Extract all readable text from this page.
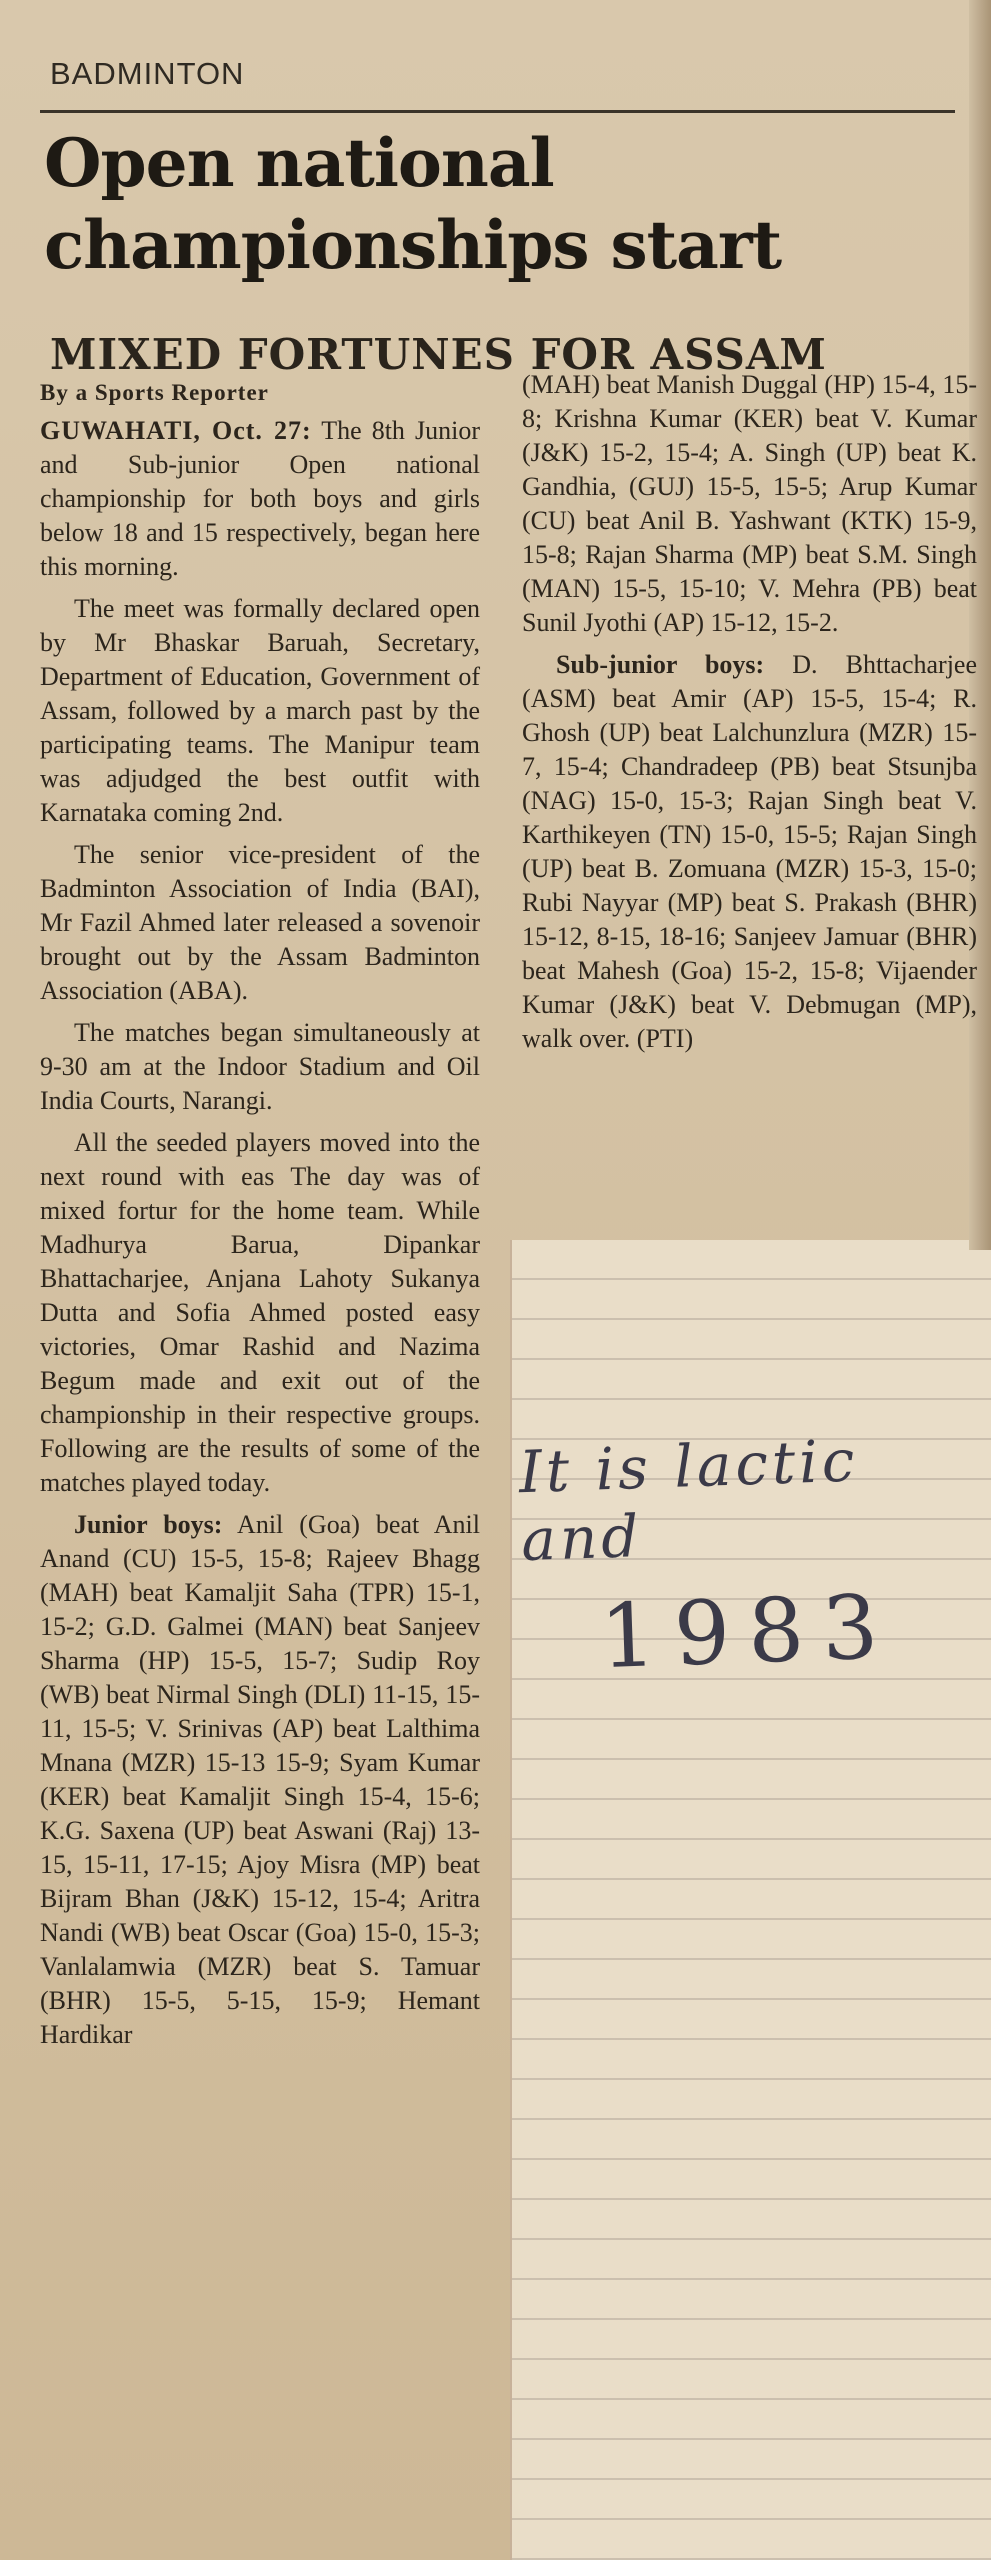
BADMINTON
Open national championships start
MIXED FORTUNES FOR ASSAM

By a Sports Reporter

GUWAHATI, Oct. 27: The 8th Junior and Sub-junior Open national championship for both boys and girls below 18 and 15 respectively, began here this morning.

The meet was formally declared open by Mr Bhaskar Baruah, Secretary, Department of Education, Government of Assam, followed by a march past by the participating teams. The Manipur team was adjudged the best outfit with Karnataka coming 2nd.

The senior vice-president of the Badminton Association of India (BAI), Mr Fazil Ahmed later released a sovenoir brought out by the Assam Badminton Association (ABA).

The matches began simultaneously at 9-30 am at the Indoor Stadium and Oil India Courts, Narangi.

All the seeded players moved into the next round with eas The day was of mixed fortur for the home team. While Madhurya Barua, Dipankar Bhattacharjee, Anjana Lahoty Sukanya Dutta and Sofia Ahmed posted easy victories, Omar Rashid and Nazima Begum made and exit out of the championship in their respective groups. Following are the results of some of the matches played today.

Junior boys: Anil (Goa) beat Anil Anand (CU) 15-5, 15-8; Rajeev Bhagg (MAH) beat Kamaljit Saha (TPR) 15-1, 15-2; G.D. Galmei (MAN) beat Sanjeev Sharma (HP) 15-5, 15-7; Sudip Roy (WB) beat Nirmal Singh (DLI) 11-15, 15-11, 15-5; V. Srinivas (AP) beat Lalthima Mnana (MZR) 15-13 15-9; Syam Kumar (KER) beat Kamaljit Singh 15-4, 15-6; K.G. Saxena (UP) beat Aswani (Raj) 13-15, 15-11, 17-15; Ajoy Misra (MP) beat Bijram Bhan (J&K) 15-12, 15-4; Aritra Nandi (WB) beat Oscar (Goa) 15-0, 15-3; Vanlalamwia (MZR) beat S. Tamuar (BHR) 15-5, 5-15, 15-9; Hemant Hardikar

(MAH) beat Manish Duggal (HP) 15-4, 15-8; Krishna Kumar (KER) beat V. Kumar (J&K) 15-2, 15-4; A. Singh (UP) beat K. Gandhia, (GUJ) 15-5, 15-5; Arup Kumar (CU) beat Anil B. Yashwant (KTK) 15-9, 15-8; Rajan Sharma (MP) beat S.M. Singh (MAN) 15-5, 15-10; V. Mehra (PB) beat Sunil Jyothi (AP) 15-12, 15-2.

Sub-junior boys: D. Bhttacharjee (ASM) beat Amir (AP) 15-5, 15-4; R. Ghosh (UP) beat Lalchunzlura (MZR) 15-7, 15-4; Chandradeep (PB) beat Stsunjba (NAG) 15-0, 15-3; Rajan Singh beat V. Karthikeyen (TN) 15-0, 15-5; Rajan Singh (UP) beat B. Zomuana (MZR) 15-3, 15-0; Rubi Nayyar (MP) beat S. Prakash (BHR) 15-12, 8-15, 18-16; Sanjeev Jamuar (BHR) beat Mahesh (Goa) 15-2, 15-8; Vijaender Kumar (J&K) beat V. Debmugan (MP), walk over. (PTI)

It is lactic and
1983
